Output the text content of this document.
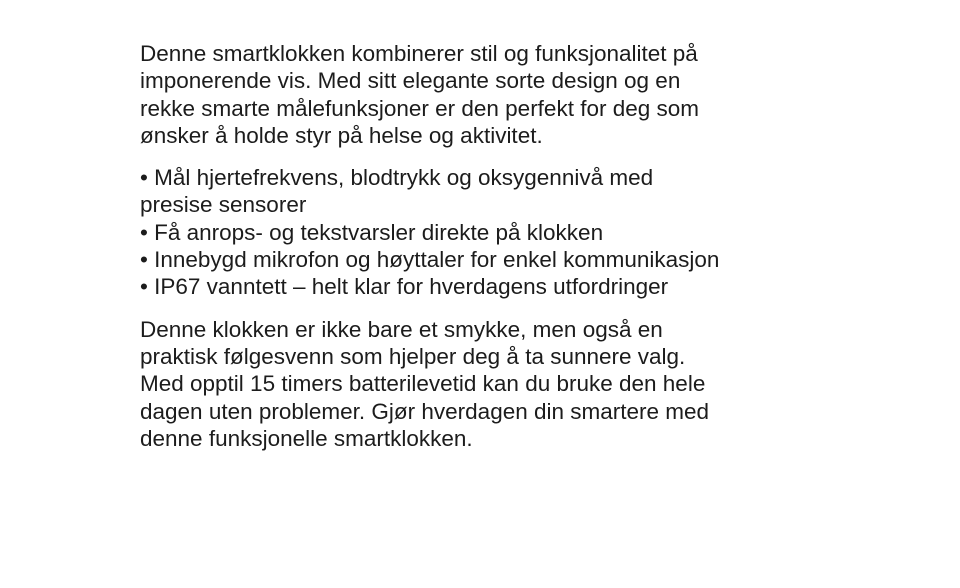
Denne smartklokken kombinerer stil og funksjonalitet på imponerende vis. Med sitt elegante sorte design og en rekke smarte målefunksjoner er den perfekt for deg som ønsker å holde styr på helse og aktivitet.

• Mål hjertefrekvens, blodtrykk og oksygennivå med presise sensorer
• Få anrops- og tekstvarsler direkte på klokken
• Innebygd mikrofon og høyttaler for enkel kommunikasjon
• IP67 vanntett – helt klar for hverdagens utfordringer

Denne klokken er ikke bare et smykke, men også en praktisk følgesvenn som hjelper deg å ta sunnere valg. Med opptil 15 timers batterilevetid kan du bruke den hele dagen uten problemer. Gjør hverdagen din smartere med denne funksjonelle smartklokken.
